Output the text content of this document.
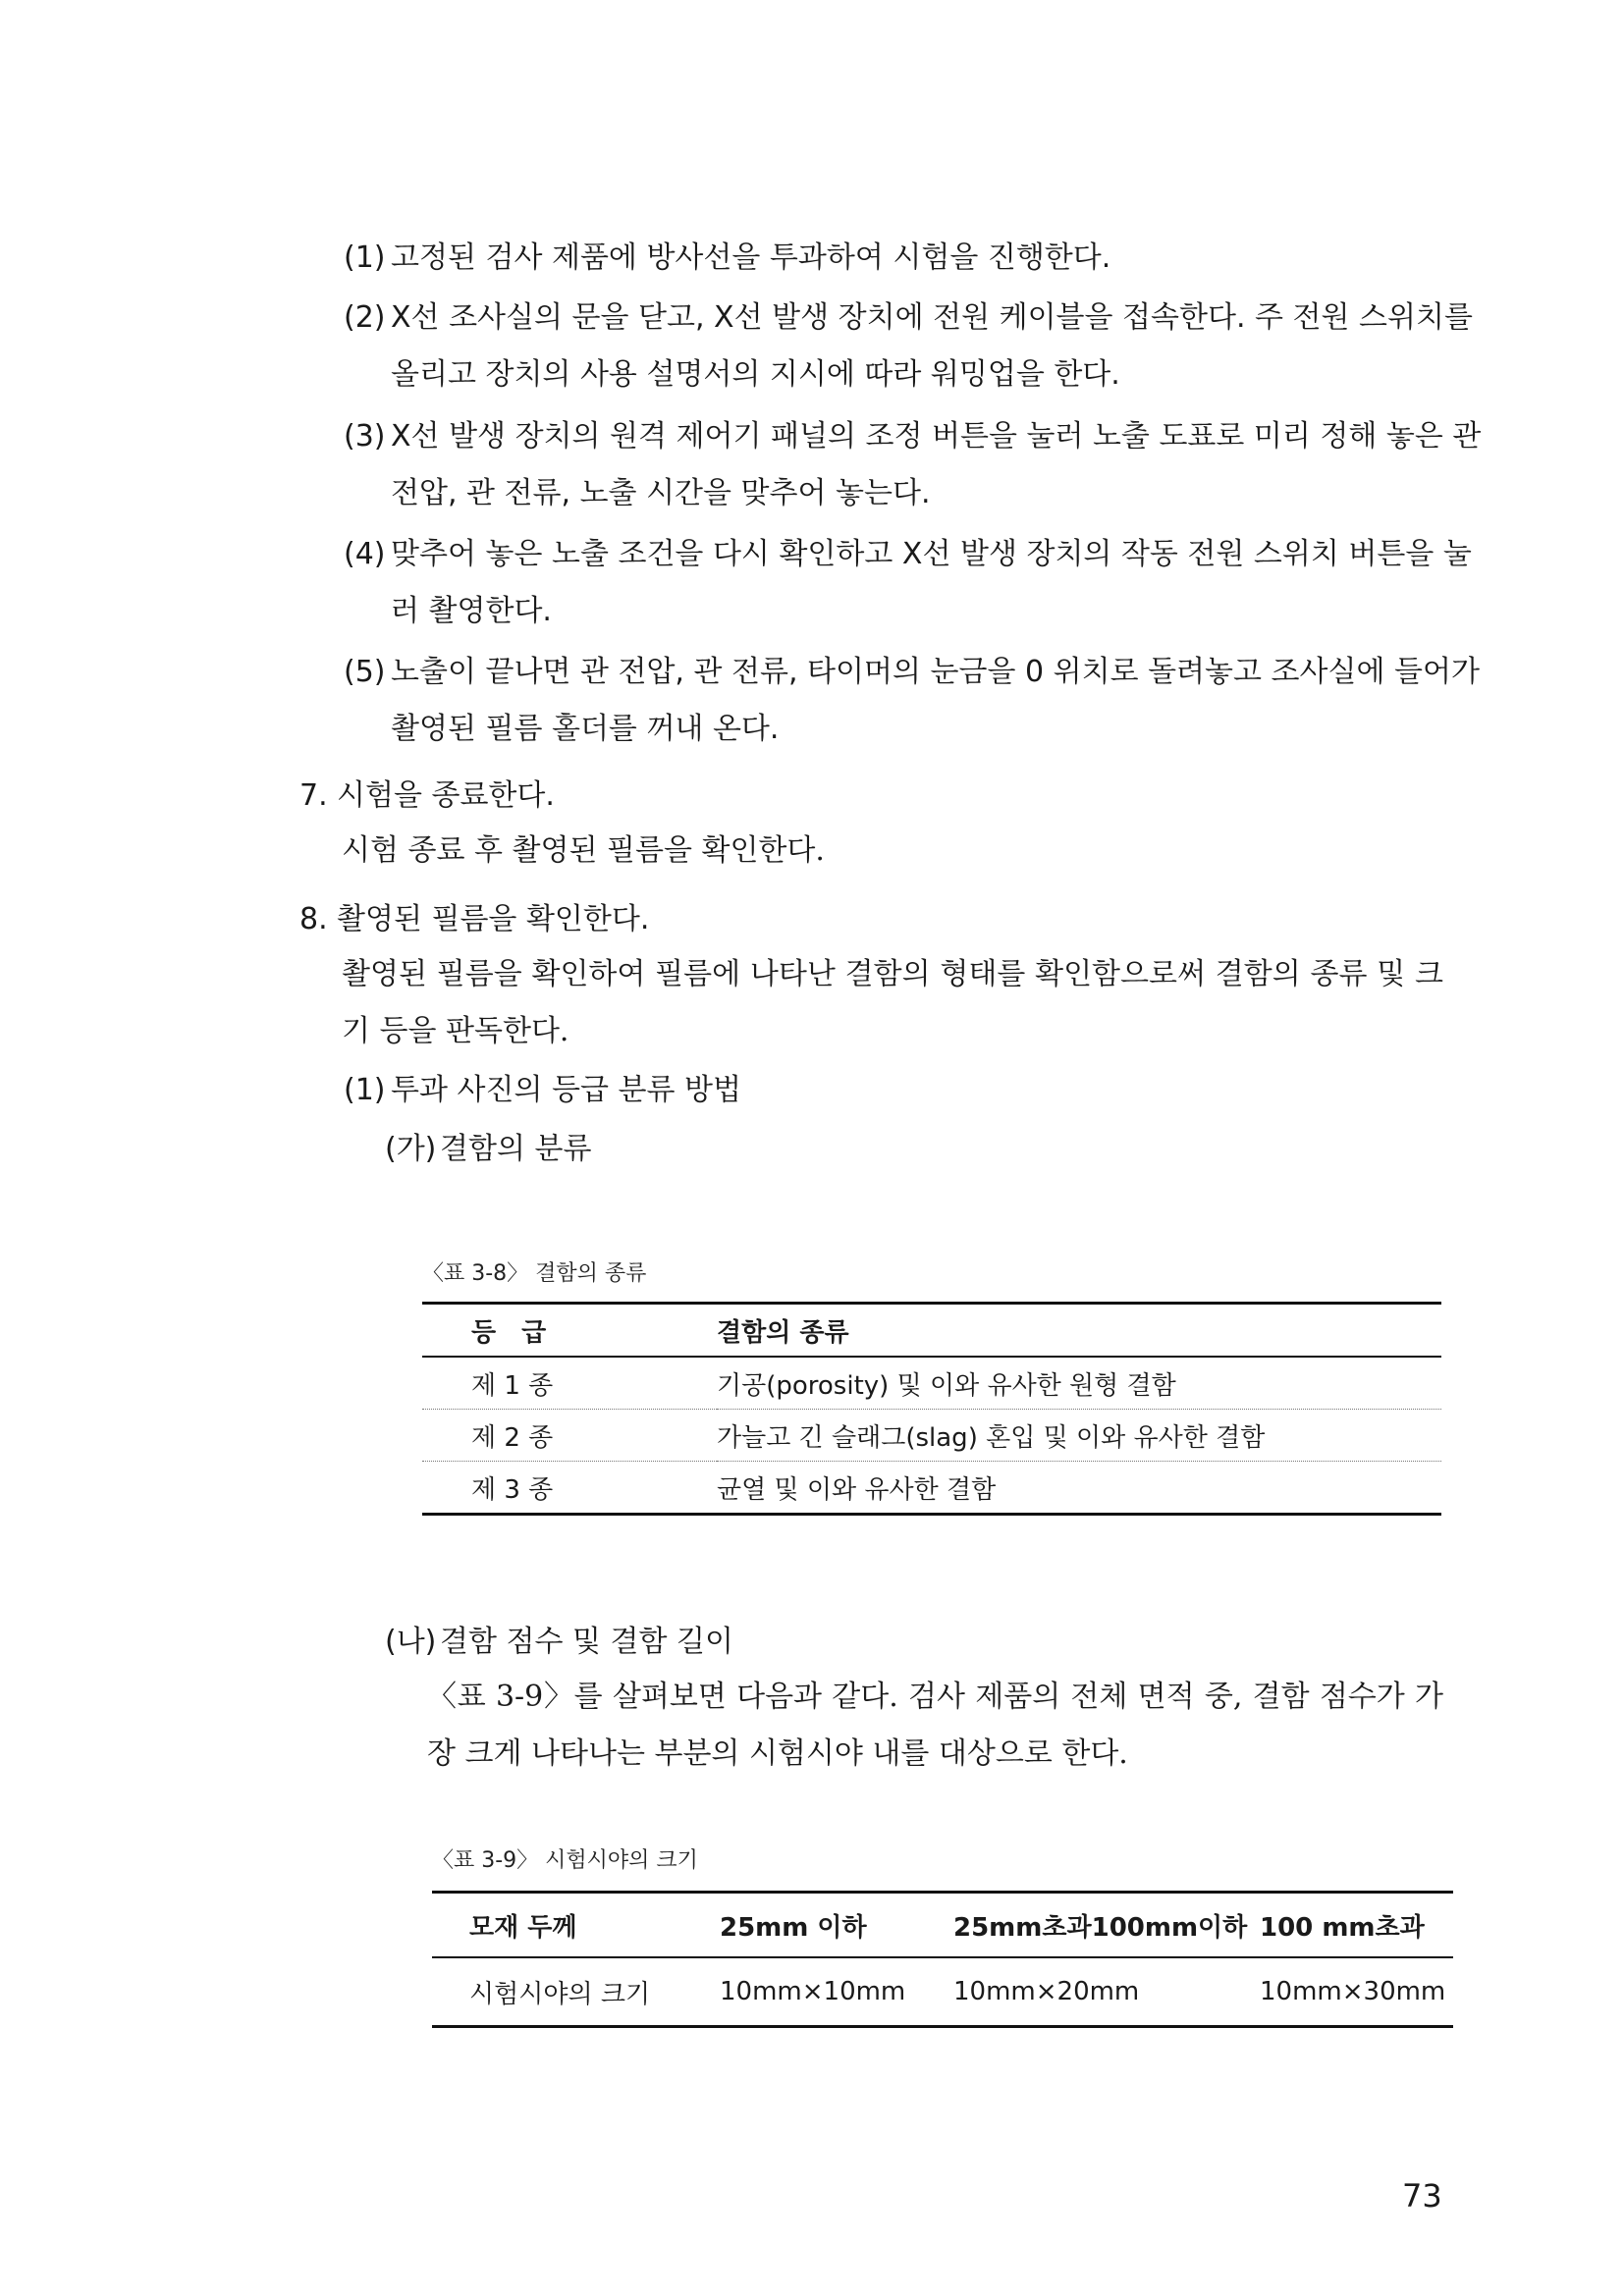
(1) 고정된 검사 제품에 방사선을 투과하여 시험을 진행한다.

(2) X선 조사실의 문을 닫고, X선 발생 장치에 전원 케이블을 접속한다. 주 전원 스위치를 올리고 장치의 사용 설명서의 지시에 따라 워밍업을 한다.

(3) X선 발생 장치의 원격 제어기 패널의 조정 버튼을 눌러 노출 도표로 미리 정해 놓은 관 전압, 관 전류, 노출 시간을 맞추어 놓는다.

(4) 맞추어 놓은 노출 조건을 다시 확인하고 X선 발생 장치의 작동 전원 스위치 버튼을 눌러 촬영한다.

(5) 노출이 끝나면 관 전압, 관 전류, 타이머의 눈금을 0 위치로 돌려놓고 조사실에 들어가 촬영된 필름 홀더를 꺼내 온다.

7. 시험을 종료한다.

시험 종료 후 촬영된 필름을 확인한다.

8. 촬영된 필름을 확인한다.

촬영된 필름을 확인하여 필름에 나타난 결함의 형태를 확인함으로써 결함의 종류 및 크기 등을 판독한다.

(1) 투과 사진의 등급 분류 방법

(가) 결함의 분류

〈표 3-8〉 결함의 종류
등　급	결함의 종류
제 1 종	기공(porosity) 및 이와 유사한 원형 결함
제 2 종	가늘고 긴 슬래그(slag) 혼입 및 이와 유사한 결함
제 3 종	균열 및 이와 유사한 결함

(나) 결함 점수 및 결함 길이

〈표 3-9〉를 살펴보면 다음과 같다. 검사 제품의 전체 면적 중, 결함 점수가 가장 크게 나타나는 부분의 시험시야 내를 대상으로 한다.

〈표 3-9〉 시험시야의 크기
모재 두께	25mm 이하	25mm초과100mm이하	100 mm초과
시험시야의 크기	10mm×10mm	10mm×20mm	10mm×30mm
73
